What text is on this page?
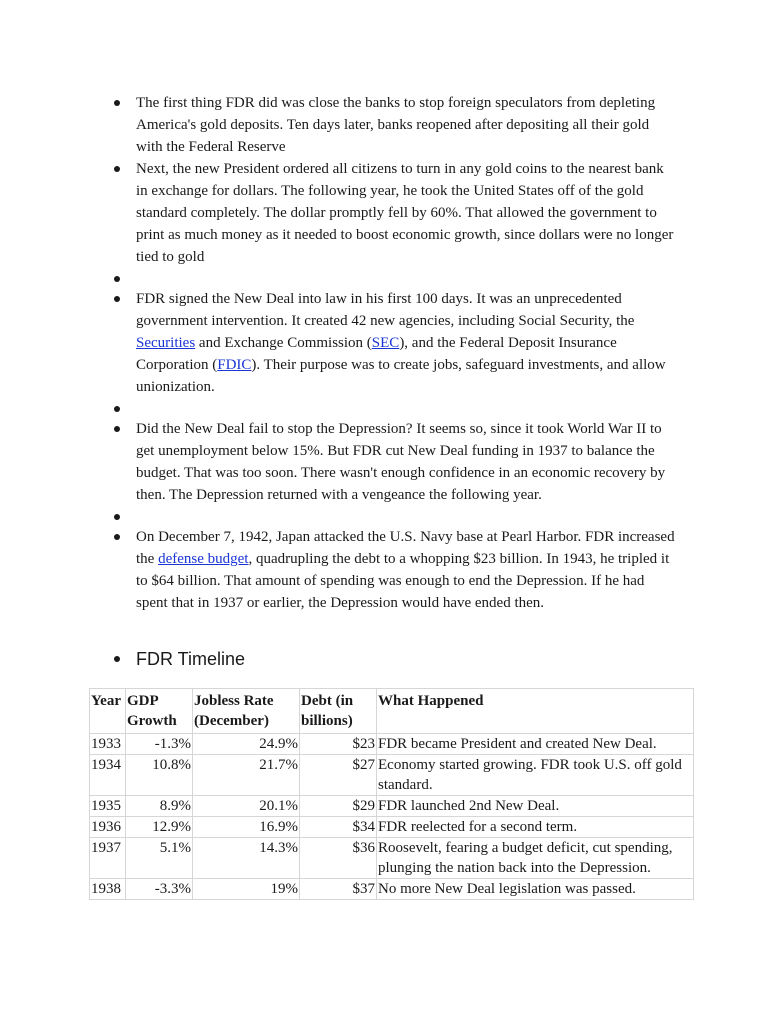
The first thing FDR did was close the banks to stop foreign speculators from depleting America's gold deposits. Ten days later, banks reopened after depositing all their gold with the Federal Reserve
Next, the new President ordered all citizens to turn in any gold coins to the nearest bank in exchange for dollars. The following year, he took the United States off of the gold standard completely. The dollar promptly fell by 60%. That allowed the government to print as much money as it needed to boost economic growth, since dollars were no longer tied to gold
FDR signed the New Deal into law in his first 100 days. It was an unprecedented government intervention. It created 42 new agencies, including Social Security, the Securities and Exchange Commission (SEC), and the Federal Deposit Insurance Corporation (FDIC). Their purpose was to create jobs, safeguard investments, and allow unionization.
Did the New Deal fail to stop the Depression? It seems so, since it took World War II to get unemployment below 15%. But FDR cut New Deal funding in 1937 to balance the budget. That was too soon. There wasn't enough confidence in an economic recovery by then. The Depression returned with a vengeance the following year.
On December 7, 1942, Japan attacked the U.S. Navy base at Pearl Harbor. FDR increased the defense budget, quadrupling the debt to a whopping $23 billion. In 1943, he tripled it to $64 billion. That amount of spending was enough to end the Depression. If he had spent that in 1937 or earlier, the Depression would have ended then.
FDR Timeline
Year	GDP Growth	Jobless Rate (December)	Debt (in billions)	What Happened
1933	-1.3%	24.9%	$23	FDR became President and created New Deal.
1934	10.8%	21.7%	$27	Economy started growing. FDR took U.S. off gold standard.
1935	8.9%	20.1%	$29	FDR launched 2nd New Deal.
1936	12.9%	16.9%	$34	FDR reelected for a second term.
1937	5.1%	14.3%	$36	Roosevelt, fearing a budget deficit, cut spending, plunging the nation back into the Depression.
1938	-3.3%	19%	$37	No more New Deal legislation was passed.
